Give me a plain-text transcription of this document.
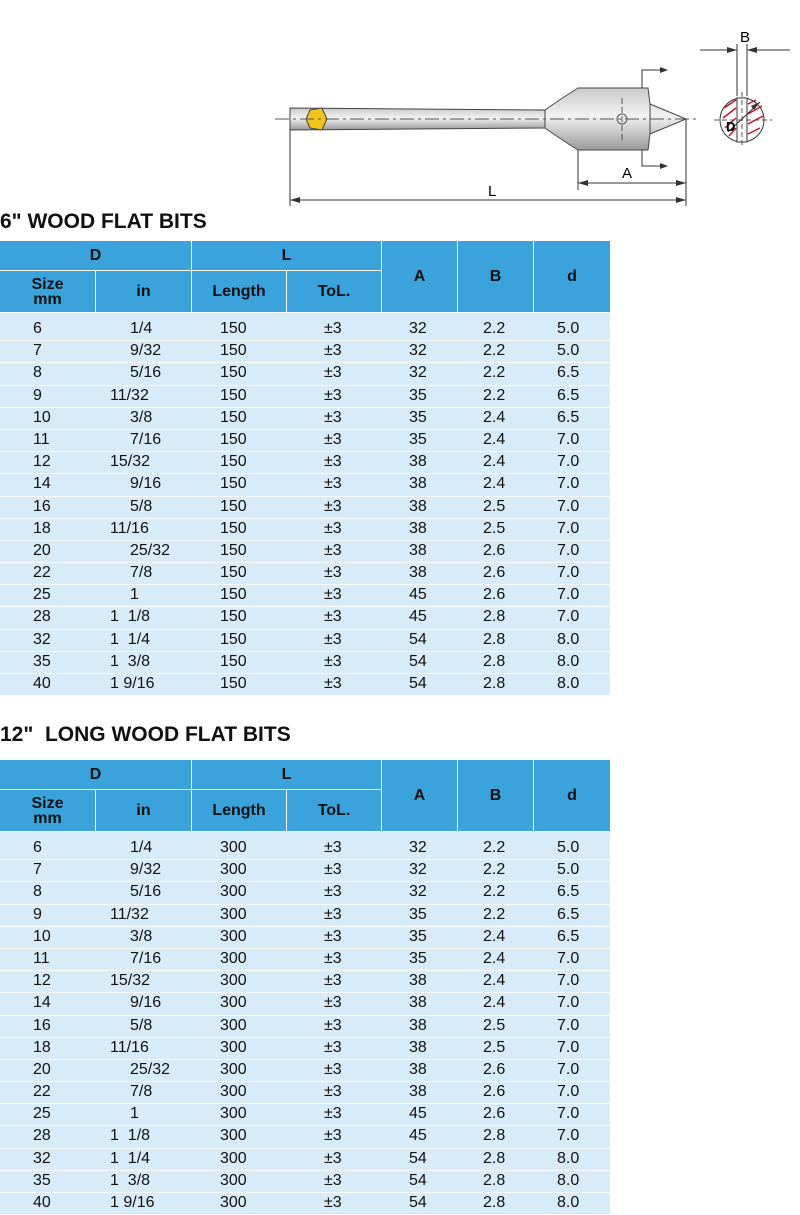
A
L
D
B
6" WOOD FLAT BITS
D	L
Size
mm	in	Length	ToL.
A	B	d
6	1/4	150	±3	32	2.2	5.0
7	9/32	150	±3	32	2.2	5.0
8	5/16	150	±3	32	2.2	6.5
9	11/32	150	±3	35	2.2	6.5
10	3/8	150	±3	35	2.4	6.5
11	7/16	150	±3	35	2.4	7.0
12	15/32	150	±3	38	2.4	7.0
14	9/16	150	±3	38	2.4	7.0
16	5/8	150	±3	38	2.5	7.0
18	11/16	150	±3	38	2.5	7.0
20	25/32	150	±3	38	2.6	7.0
22	7/8	150	±3	38	2.6	7.0
25	1	150	±3	45	2.6	7.0
28	1  1/8	150	±3	45	2.8	7.0
32	1  1/4	150	±3	54	2.8	8.0
35	1  3/8	150	±3	54	2.8	8.0
40	1 9/16	150	±3	54	2.8	8.0
12"  LONG WOOD FLAT BITS
D	L
Size
mm	in	Length	ToL.
A	B	d
6	1/4	300	±3	32	2.2	5.0
7	9/32	300	±3	32	2.2	5.0
8	5/16	300	±3	32	2.2	6.5
9	11/32	300	±3	35	2.2	6.5
10	3/8	300	±3	35	2.4	6.5
11	7/16	300	±3	35	2.4	7.0
12	15/32	300	±3	38	2.4	7.0
14	9/16	300	±3	38	2.4	7.0
16	5/8	300	±3	38	2.5	7.0
18	11/16	300	±3	38	2.5	7.0
20	25/32	300	±3	38	2.6	7.0
22	7/8	300	±3	38	2.6	7.0
25	1	300	±3	45	2.6	7.0
28	1  1/8	300	±3	45	2.8	7.0
32	1  1/4	300	±3	54	2.8	8.0
35	1  3/8	300	±3	54	2.8	8.0
40	1 9/16	300	±3	54	2.8	8.0
